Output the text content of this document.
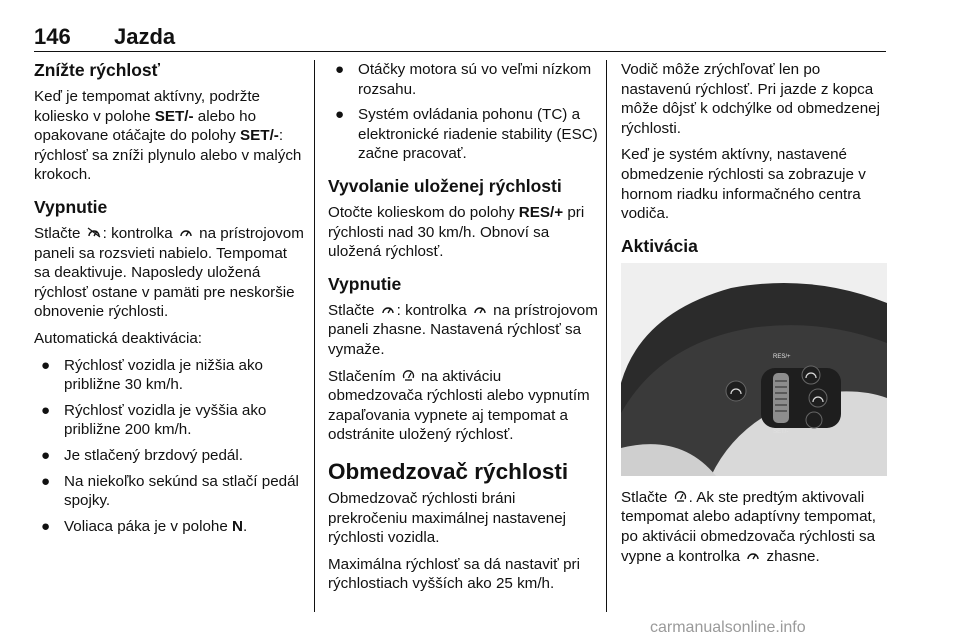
146 Jazda
Znížte rýchlosť

Keď je tempomat aktívny, podržte koliesko v polohe SET/- alebo ho opakovane otáčajte do polohy SET/-: rýchlosť sa zníži plynulo alebo v malých krokoch.

Vypnutie

Stlačte : kontrolka  na prístrojovom paneli sa rozsvieti nabielo. Tempomat sa deaktivuje. Naposledy uložená rýchlosť ostane v pamäti pre neskoršie obnovenie rýchlosti.

Automatická deaktivácia:

● Rýchlosť vozidla je nižšia ako približne 30 km/h.
● Rýchlosť vozidla je vyššia ako približne 200 km/h.
● Je stlačený brzdový pedál.
● Na niekoľko sekúnd sa stlačí pedál spojky.
● Voliaca páka je v polohe N.
● Otáčky motora sú vo veľmi nízkom rozsahu.
● Systém ovládania pohonu (TC) a elektronické riadenie stability (ESC) začne pracovať.
Vyvolanie uloženej rýchlosti

Otočte kolieskom do polohy RES/+ pri rýchlosti nad 30 km/h. Obnoví sa uložená rýchlosť.

Vypnutie

Stlačte : kontrolka  na prístrojovom paneli zhasne. Nastavená rýchlosť sa vymaže.

Stlačením  na aktiváciu obmedzovača rýchlosti alebo vypnutím zapaľovania vypnete aj tempomat a odstránite uložený rýchlosť.

Obmedzovač rýchlosti

Obmedzovač rýchlosti bráni prekročeniu maximálnej nastavenej rýchlosti vozidla.

Maximálna rýchlosť sa dá nastaviť pri rýchlostiach vyšších ako 25 km/h.

Vodič môže zrýchľovať len po nastavenú rýchlosť. Pri jazde z kopca môže dôjsť k odchýlke od obmedzenej rýchlosti.

Keď je systém aktívny, nastavené obmedzenie rýchlosti sa zobrazuje v hornom riadku informačného centra vodiča.

Aktivácia
RES/+
SET/-

Stlačte . Ak ste predtým aktivovali tempomat alebo adaptívny tempomat, po aktivácii obmedzovača rýchlosti sa vypne a kontrolka  zhasne.

carmanualsonline.info
